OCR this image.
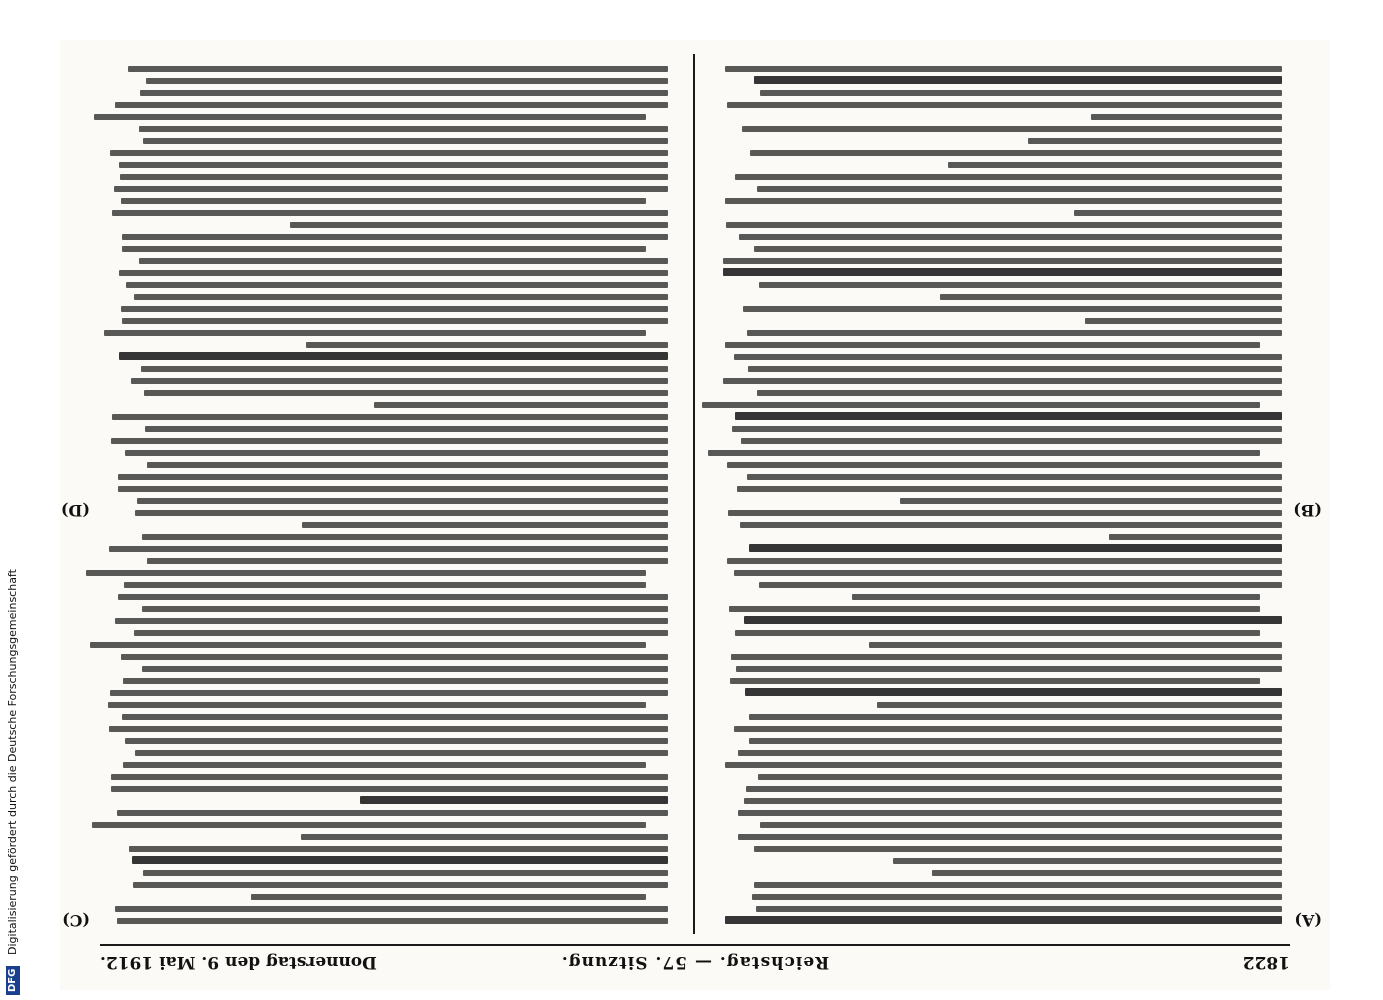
1822
Reichstag. — 57. Sitzung.
Donnerstag den 9. Mai 1912.
(A)
(B)
(C)
(D)
DFG
Digitalisierung gefördert durch die Deutsche Forschungsgemeinschaft
